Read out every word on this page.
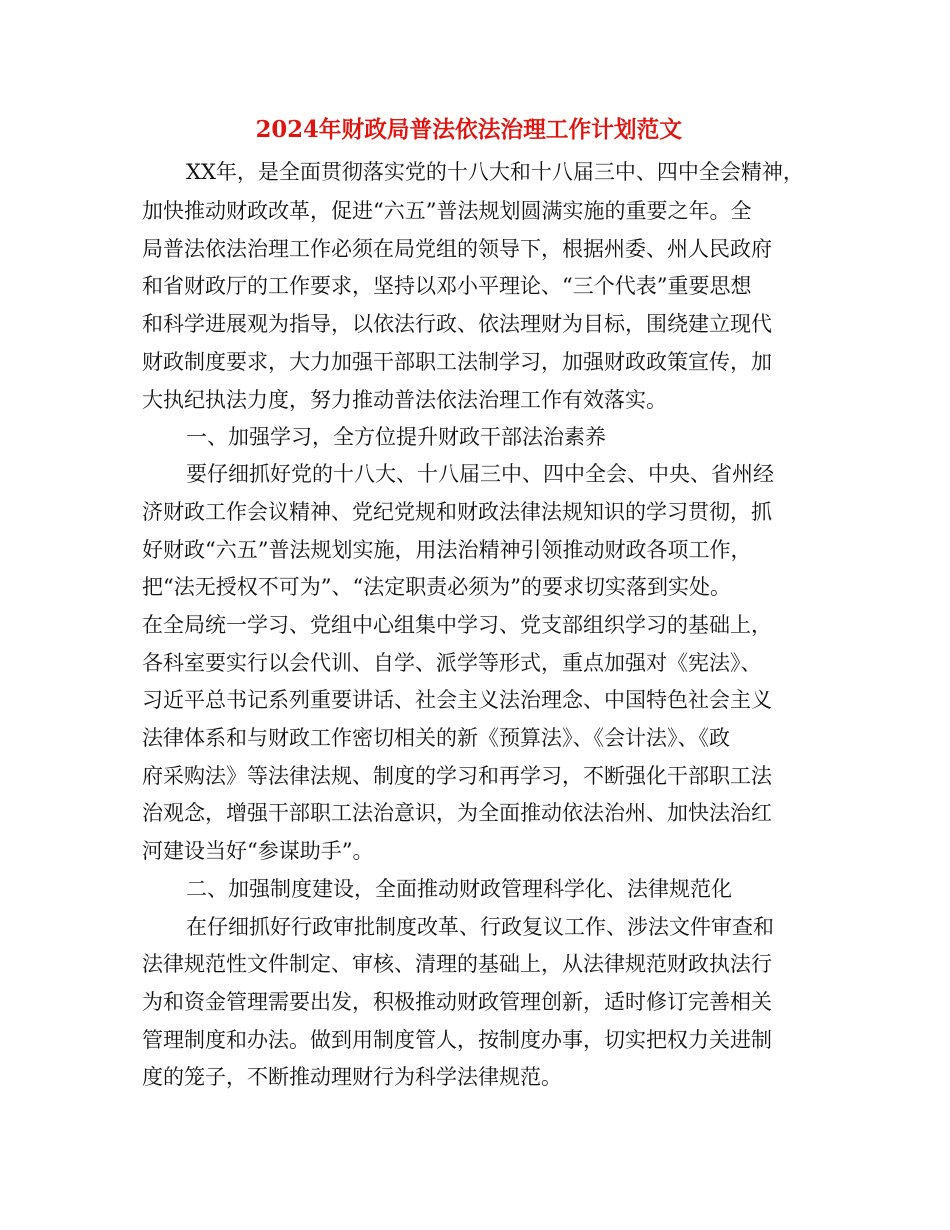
2024年财政局普法依法治理工作计划范文
XX年，是全面贯彻落实党的十八大和十八届三中、四中全会精神，
加快推动财政改革，促进“六五”普法规划圆满实施的重要之年。全
局普法依法治理工作必须在局党组的领导下，根据州委、州人民政府
和省财政厅的工作要求，坚持以邓小平理论、“三个代表”重要思想
和科学进展观为指导，以依法行政、依法理财为目标，围绕建立现代
财政制度要求，大力加强干部职工法制学习，加强财政政策宣传，加
大执纪执法力度，努力推动普法依法治理工作有效落实。
一、加强学习，全方位提升财政干部法治素养
要仔细抓好党的十八大、十八届三中、四中全会、中央、省州经
济财政工作会议精神、党纪党规和财政法律法规知识的学习贯彻，抓
好财政“六五”普法规划实施，用法治精神引领推动财政各项工作，
把“法无授权不可为”、“法定职责必须为”的要求切实落到实处。
在全局统一学习、党组中心组集中学习、党支部组织学习的基础上，
各科室要实行以会代训、自学、派学等形式，重点加强对《宪法》、
习近平总书记系列重要讲话、社会主义法治理念、中国特色社会主义
法律体系和与财政工作密切相关的新《预算法》、《会计法》、《政
府采购法》等法律法规、制度的学习和再学习，不断强化干部职工法
治观念，增强干部职工法治意识，为全面推动依法治州、加快法治红
河建设当好“参谋助手”。
二、加强制度建设，全面推动财政管理科学化、法律规范化
在仔细抓好行政审批制度改革、行政复议工作、涉法文件审查和
法律规范性文件制定、审核、清理的基础上，从法律规范财政执法行
为和资金管理需要出发，积极推动财政管理创新，适时修订完善相关
管理制度和办法。做到用制度管人，按制度办事，切实把权力关进制
度的笼子，不断推动理财行为科学法律规范。
